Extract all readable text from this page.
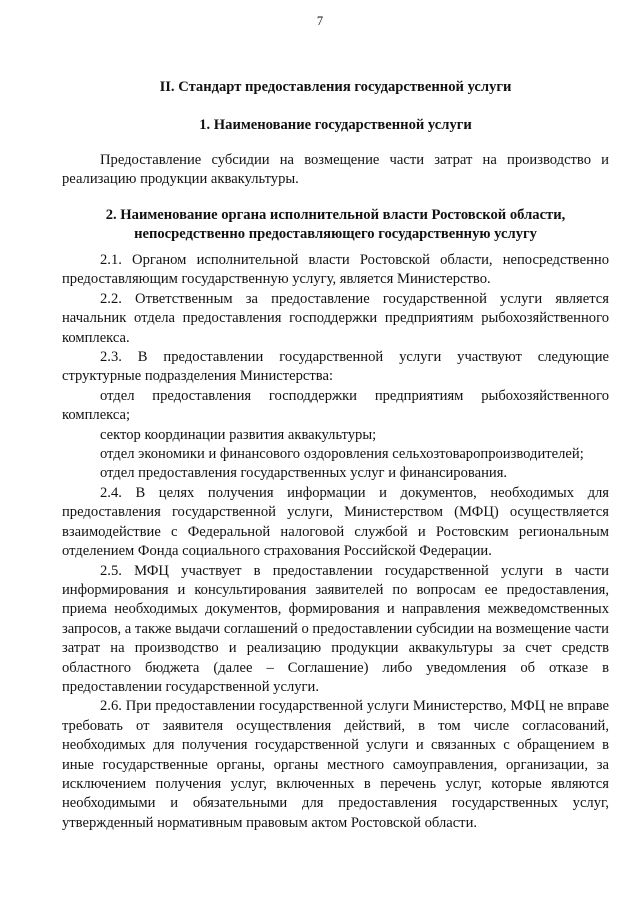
7
II. Стандарт предоставления государственной услуги
1. Наименование государственной услуги

Предоставление субсидии на возмещение части затрат на производство и реализацию продукции аквакультуры.

2. Наименование органа исполнительной власти Ростовской области,
непосредственно предоставляющего государственную услугу

2.1. Органом исполнительной власти Ростовской области, непосредственно предоставляющим государственную услугу, является Министерство.

2.2. Ответственным за предоставление государственной услуги является начальник отдела предоставления господдержки предприятиям рыбохозяйственного комплекса.

2.3. В предоставлении государственной услуги участвуют следующие структурные подразделения Министерства:

отдел предоставления господдержки предприятиям рыбохозяйственного комплекса;

сектор координации развития аквакультуры;

отдел экономики и финансового оздоровления сельхозтоваропроизводителей;

отдел предоставления государственных услуг и финансирования.

2.4. В целях получения информации и документов, необходимых для предоставления государственной услуги, Министерством (МФЦ) осуществляется взаимодействие с Федеральной налоговой службой и Ростовским региональным отделением Фонда социального страхования Российской Федерации.

2.5. МФЦ участвует в предоставлении государственной услуги в части информирования и консультирования заявителей по вопросам ее предоставления, приема необходимых документов, формирования и направления межведомственных запросов, а также выдачи соглашений о предоставлении субсидии на возмещение части затрат на производство и реализацию продукции аквакультуры за счет средств областного бюджета (далее – Соглашение) либо уведомления об отказе в предоставлении государственной услуги.

2.6. При предоставлении государственной услуги Министерство, МФЦ не вправе требовать от заявителя осуществления действий, в том числе согласований, необходимых для получения государственной услуги и связанных с обращением в иные государственные органы, органы местного самоуправления, организации, за исключением получения услуг, включенных в перечень услуг, которые являются необходимыми и обязательными для предоставления государственных услуг, утвержденный нормативным правовым актом Ростовской области.
